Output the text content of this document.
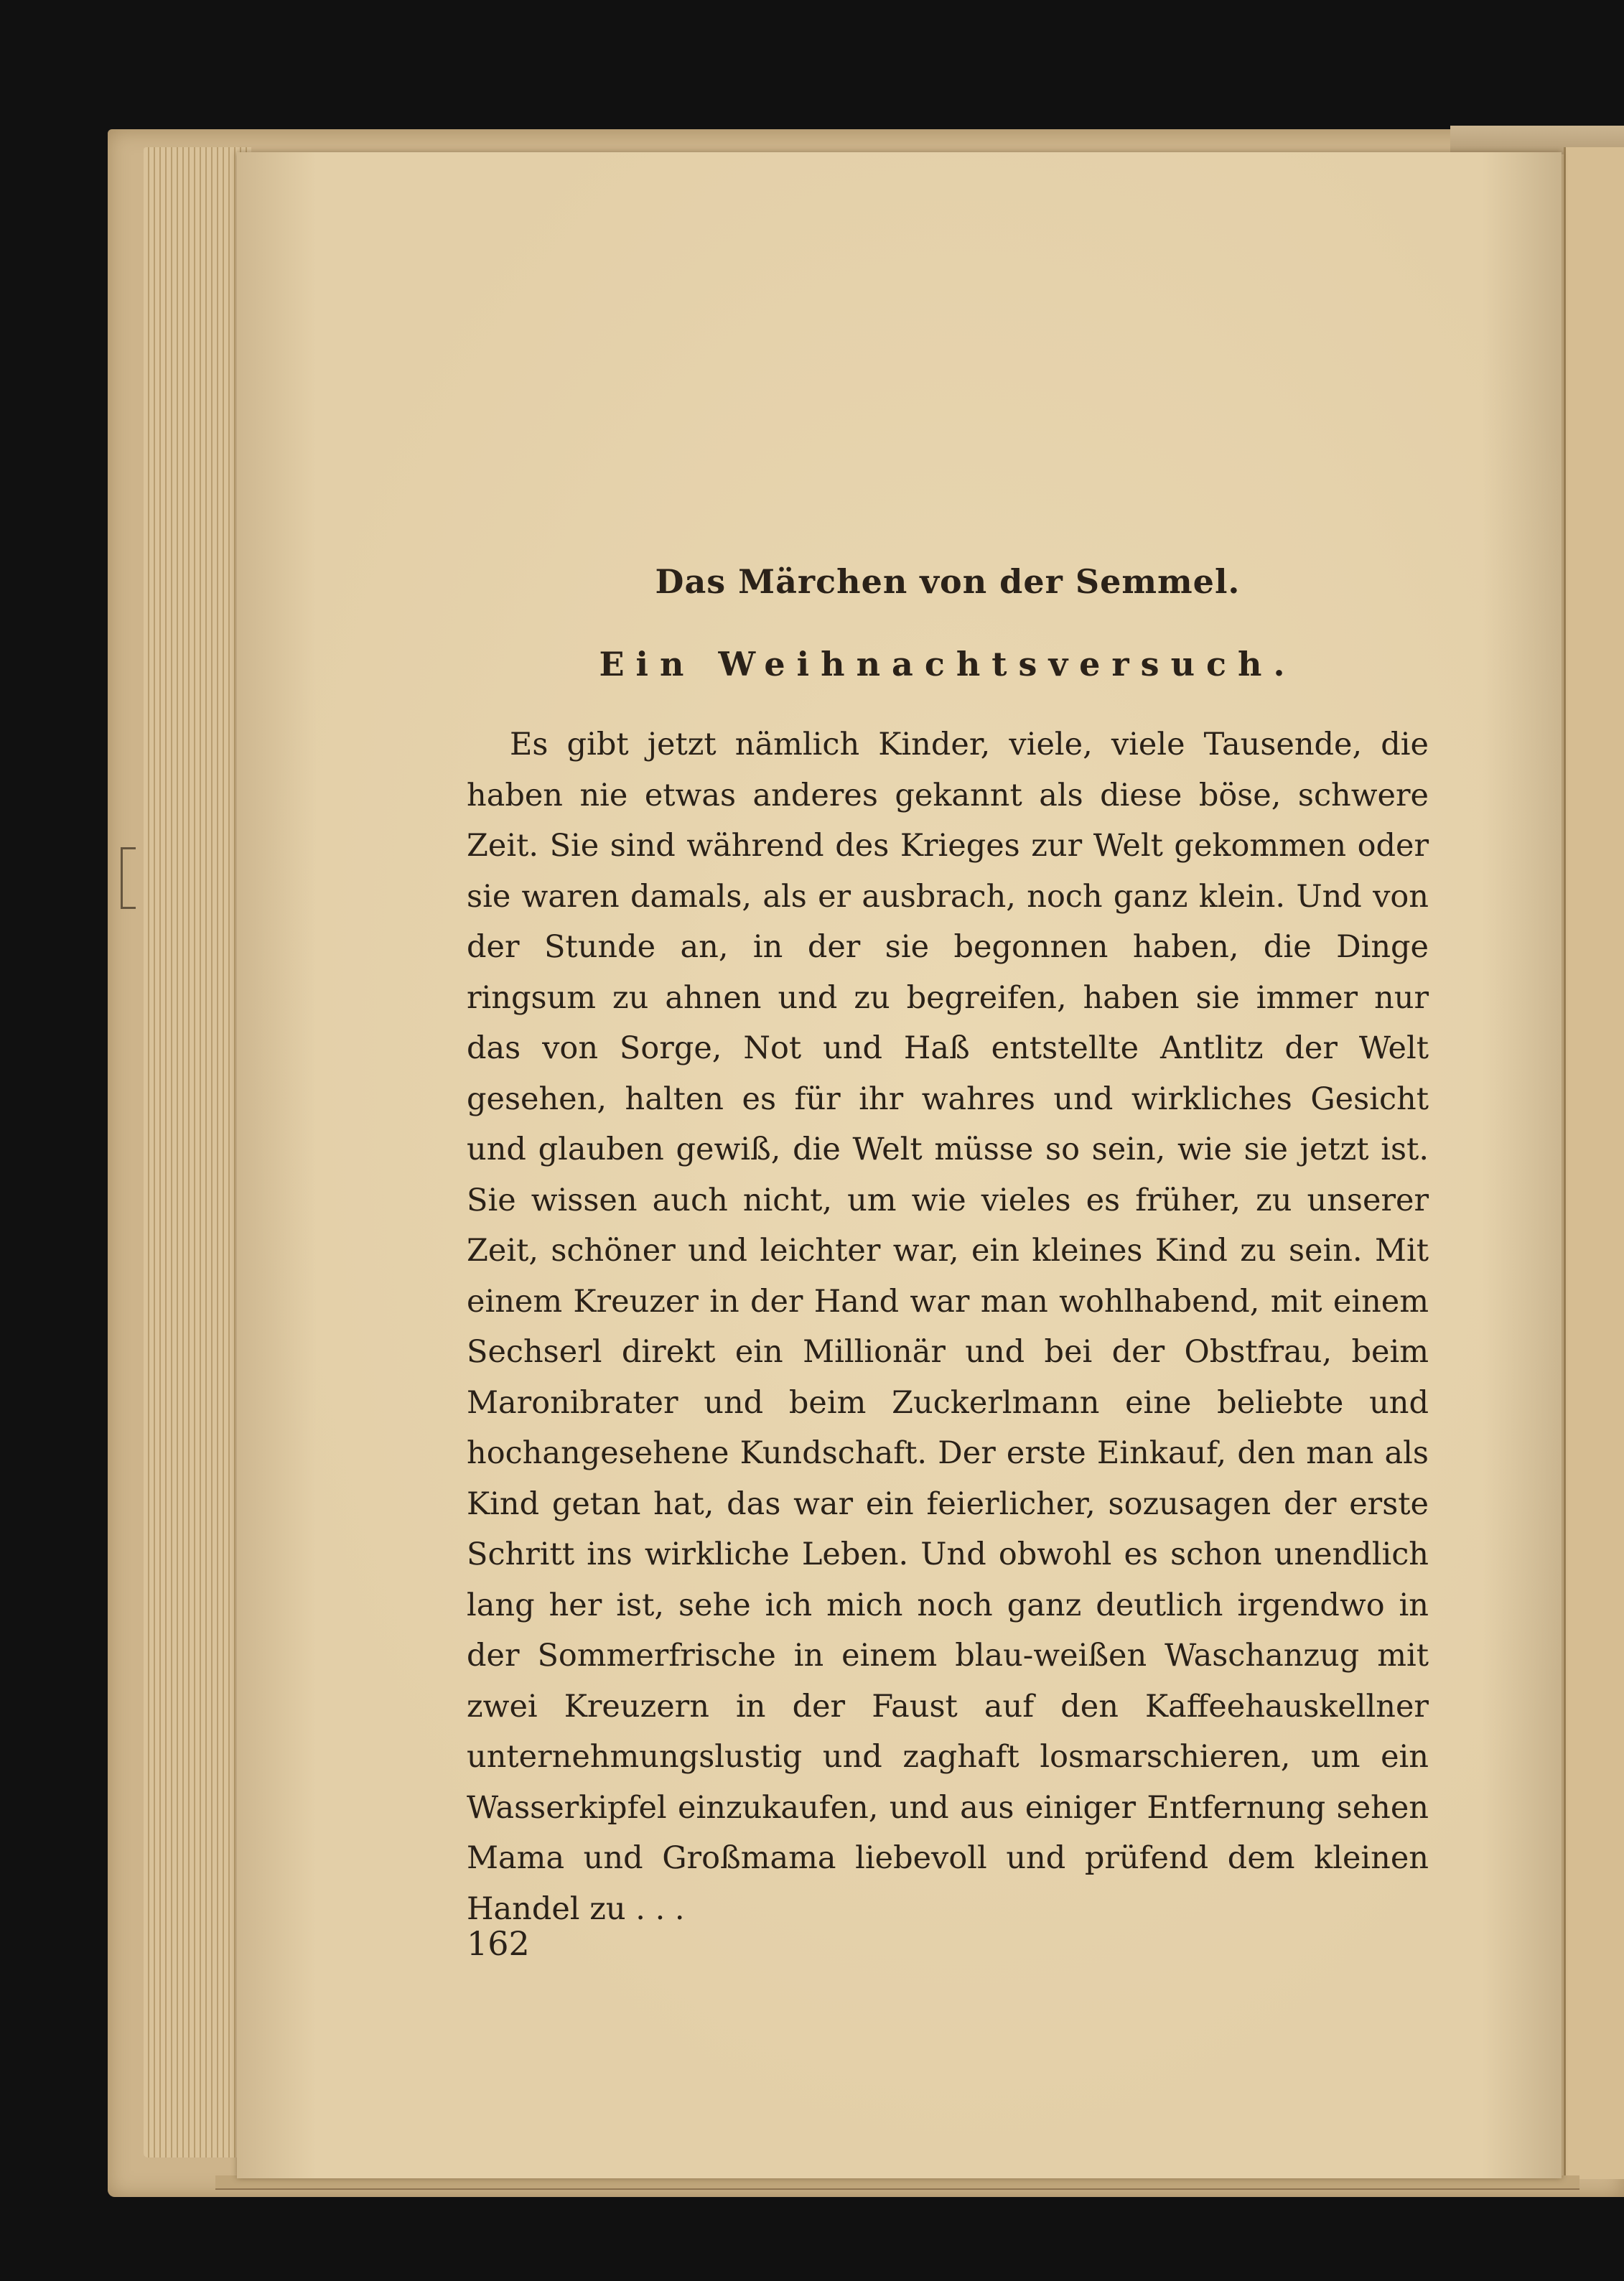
Das Märchen von der Semmel.
Ein Weihnachtsversuch.

Es gibt jetzt nämlich Kinder, viele, viele Tausende, die haben nie etwas anderes gekannt als diese böse, schwere Zeit. Sie sind während des Krieges zur Welt gekommen oder sie waren damals, als er ausbrach, noch ganz klein. Und von der Stunde an, in der sie begonnen haben, die Dinge ringsum zu ahnen und zu begreifen, haben sie immer nur das von Sorge, Not und Haß entstellte Antlitz der Welt gesehen, halten es für ihr wahres und wirkliches Gesicht und glauben gewiß, die Welt müsse so sein, wie sie jetzt ist. Sie wissen auch nicht, um wie vieles es früher, zu unserer Zeit, schöner und leichter war, ein kleines Kind zu sein. Mit einem Kreuzer in der Hand war man wohlhabend, mit einem Sechserl direkt ein Millionär und bei der Obstfrau, beim Maronibrater und beim Zuckerlmann eine beliebte und hochangesehene Kundschaft. Der erste Einkauf, den man als Kind getan hat, das war ein feierlicher, sozusagen der erste Schritt ins wirkliche Leben. Und obwohl es schon unendlich lang her ist, sehe ich mich noch ganz deutlich irgendwo in der Sommerfrische in einem blau-weißen Waschanzug mit zwei Kreuzern in der Faust auf den Kaffeehauskellner unternehmungslustig und zaghaft losmarschieren, um ein Wasserkipfel einzukaufen, und aus einiger Entfernung sehen Mama und Großmama liebevoll und prüfend dem kleinen Handel zu . . .

162
